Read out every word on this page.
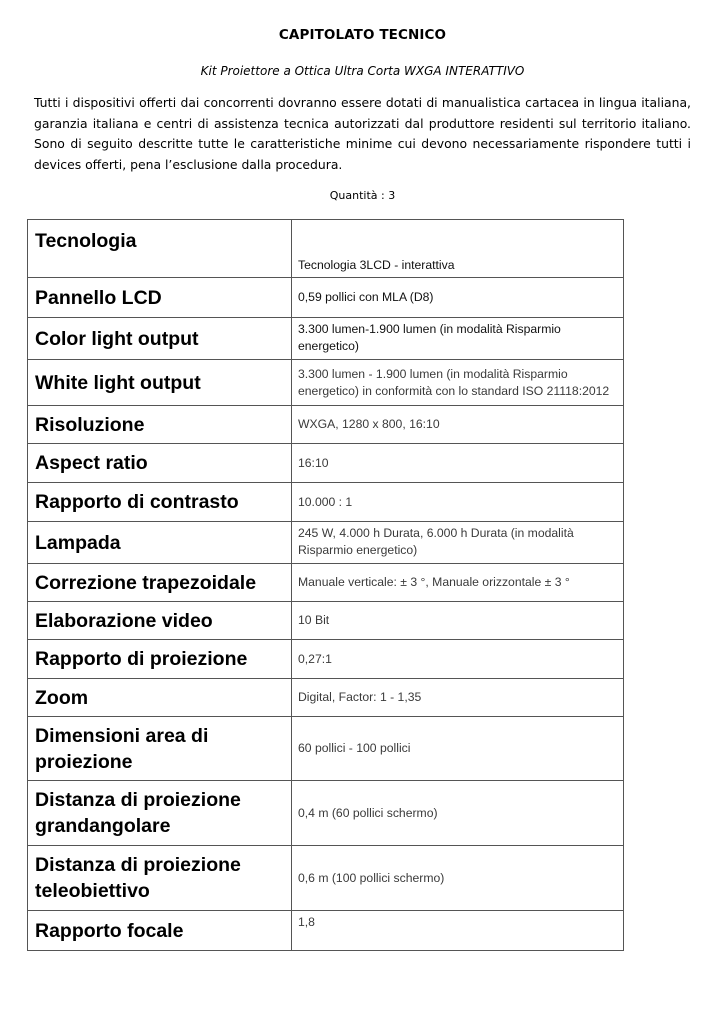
CAPITOLATO TECNICO
Kit Proiettore a Ottica Ultra Corta WXGA INTERATTIVO

Tutti i dispositivi offerti dai concorrenti dovranno essere dotati di manualistica cartacea in lingua italiana, garanzia italiana e centri di assistenza tecnica autorizzati dal produttore residenti sul territorio italiano. Sono di seguito descritte tutte le caratteristiche minime cui devono necessariamente rispondere tutti i devices offerti, pena l’esclusione dalla procedura.

Quantità : 3
Tecnologia	Tecnologia 3LCD - interattiva
Pannello LCD	0,59 pollici con MLA (D8)
Color light output	3.300 lumen-1.900 lumen (in modalità Risparmio energetico)
White light output	3.300 lumen - 1.900 lumen (in modalità Risparmio energetico) in conformità con lo standard ISO 21118:2012
Risoluzione	WXGA, 1280 x 800, 16:10
Aspect ratio	16:10
Rapporto di contrasto	10.000 : 1
Lampada	245 W, 4.000 h Durata, 6.000 h Durata (in modalità Risparmio energetico)
Correzione trapezoidale	Manuale verticale: ± 3 °, Manuale orizzontale ± 3 °
Elaborazione video	10 Bit
Rapporto di proiezione	0,27:1
Zoom	Digital, Factor: 1 - 1,35
Dimensioni area di proiezione	60 pollici - 100 pollici
Distanza di proiezione grandangolare	0,4 m (60 pollici schermo)
Distanza di proiezione teleobiettivo	0,6 m (100 pollici schermo)
Rapporto focale	1,8
